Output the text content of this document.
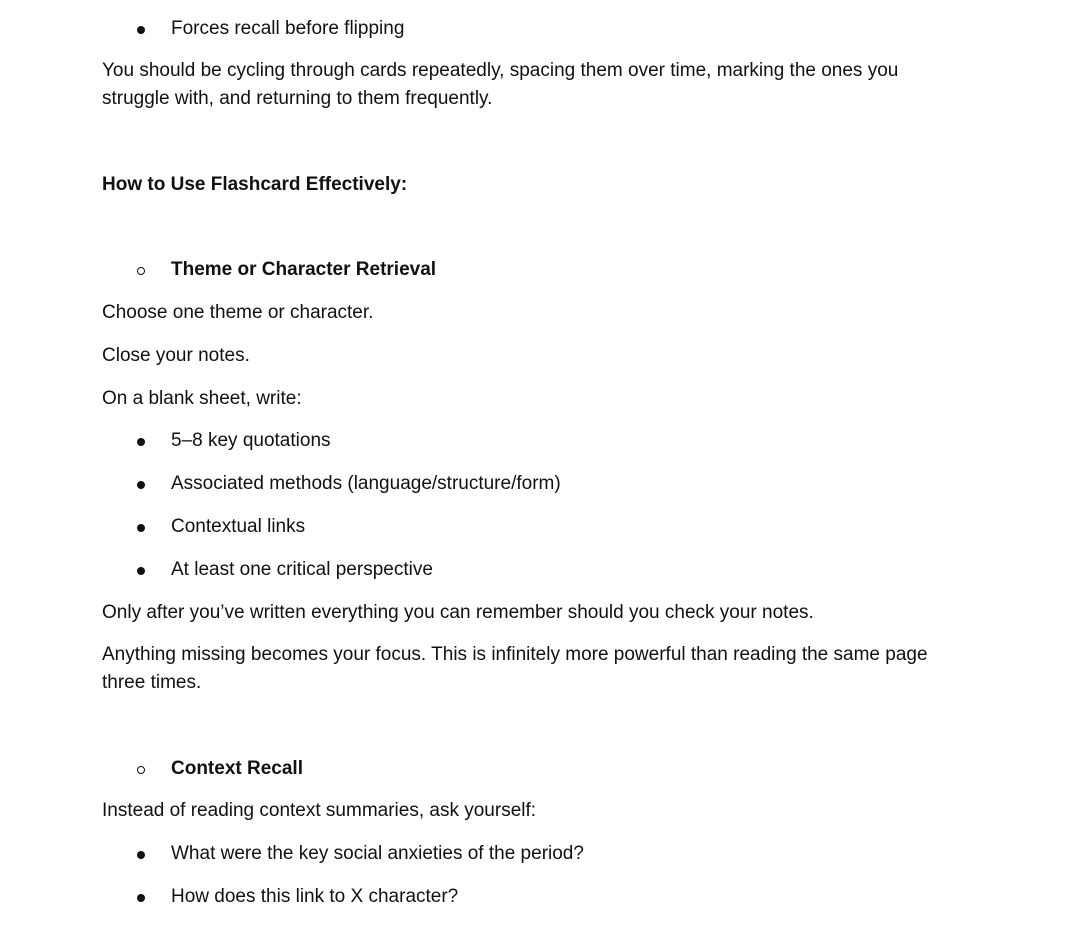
Forces recall before flipping
You should be cycling through cards repeatedly, spacing them over time, marking the ones you struggle with, and returning to them frequently.
How to Use Flashcard Effectively:
Theme or Character Retrieval
Choose one theme or character.
Close your notes.
On a blank sheet, write:
5–8 key quotations
Associated methods (language/structure/form)
Contextual links
At least one critical perspective
Only after you’ve written everything you can remember should you check your notes.
Anything missing becomes your focus. This is infinitely more powerful than reading the same page three times.
Context Recall
Instead of reading context summaries, ask yourself:
What were the key social anxieties of the period?
How does this link to X character?
